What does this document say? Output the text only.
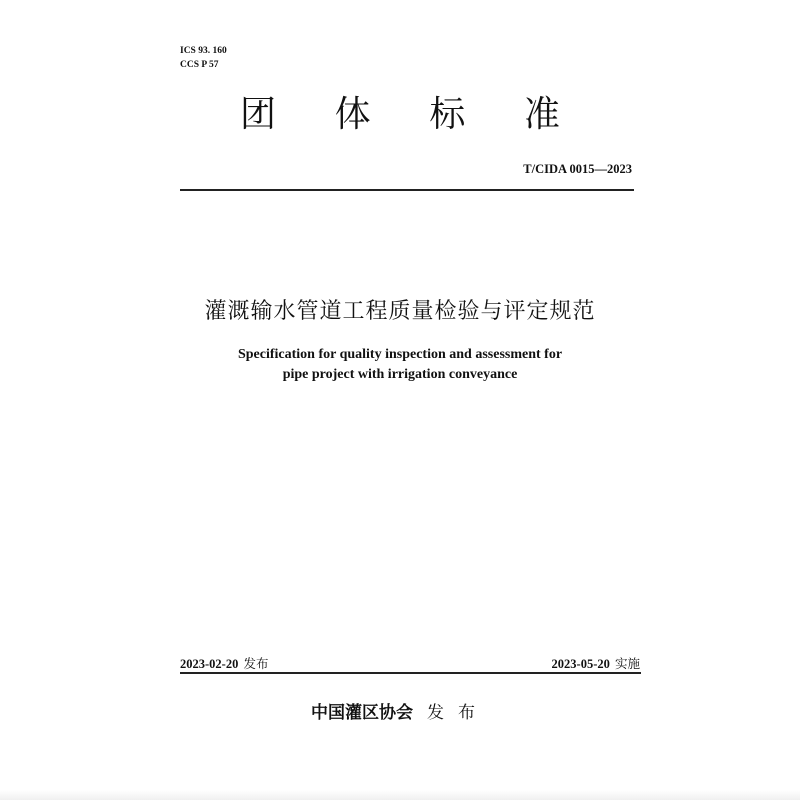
ICS 93. 160
CCS P 57
团 体 标 准
T/CIDA 0015—2023
灌溉输水管道工程质量检验与评定规范
Specification for quality inspection and assessment for
pipe project with irrigation conveyance
2023-02-20 发布	2023-05-20 实施
中国灌区协会 发布
